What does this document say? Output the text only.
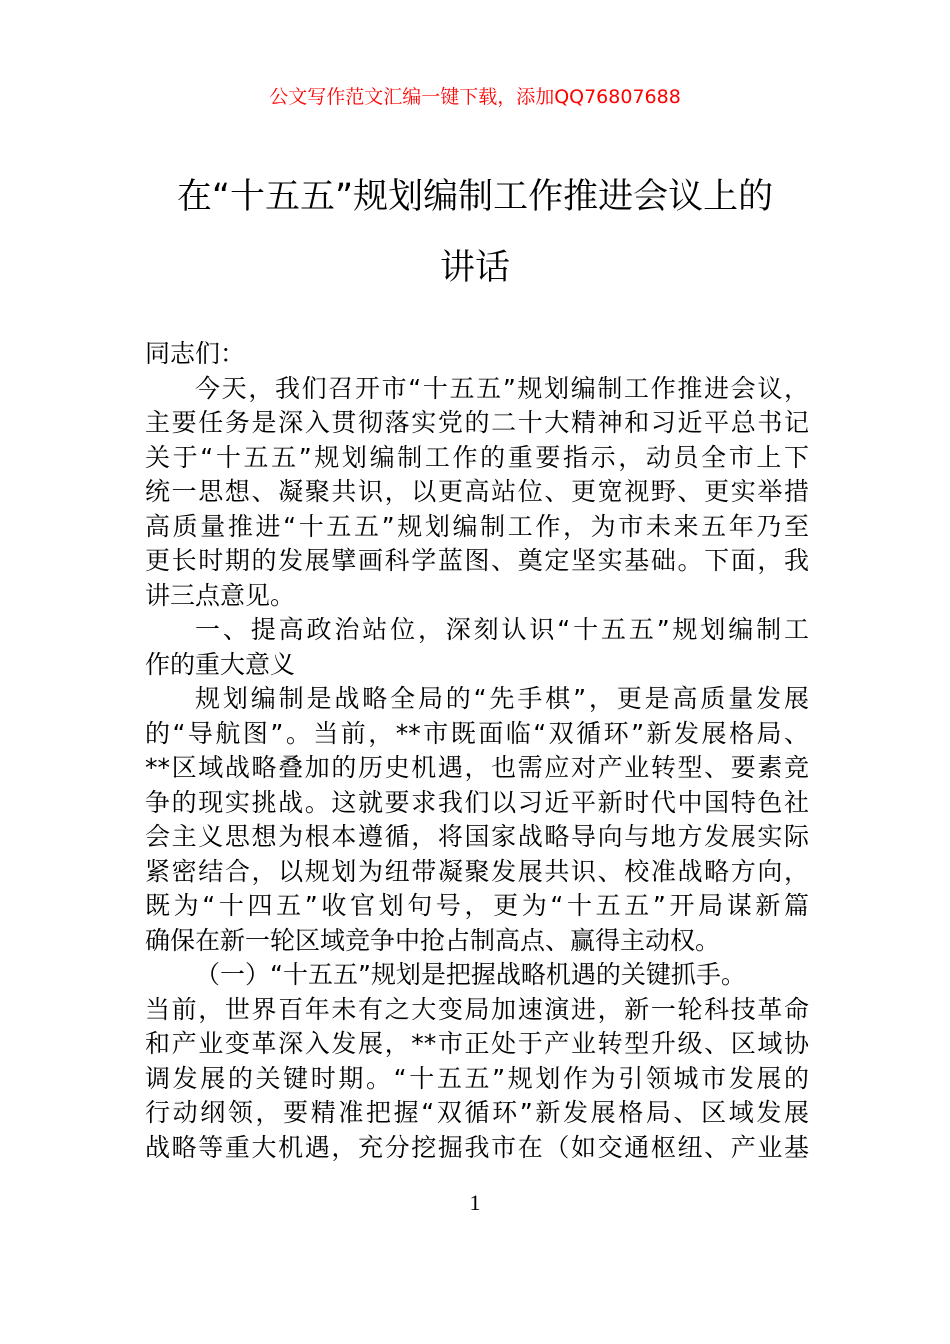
公文写作范文汇编一键下载，添加QQ76807688
在“十五五”规划编制工作推进会议上的
讲话
同志们：
今天，我们召开市“十五五”规划编制工作推进会议，
主要任务是深入贯彻落实党的二十大精神和习近平总书记
关于“十五五”规划编制工作的重要指示，动员全市上下
统一思想、凝聚共识，以更高站位、更宽视野、更实举措
高质量推进“十五五”规划编制工作，为市未来五年乃至
更长时期的发展擘画科学蓝图、奠定坚实基础。下面，我
讲三点意见。
一、提高政治站位，深刻认识“十五五”规划编制工
作的重大意义
规划编制是战略全局的“先手棋”，更是高质量发展
的“导航图”。当前，**市既面临“双循环”新发展格局、
**区域战略叠加的历史机遇，也需应对产业转型、要素竞
争的现实挑战。这就要求我们以习近平新时代中国特色社
会主义思想为根本遵循，将国家战略导向与地方发展实际
紧密结合，以规划为纽带凝聚发展共识、校准战略方向，
既为“十四五”收官划句号，更为“十五五”开局谋新篇
确保在新一轮区域竞争中抢占制高点、赢得主动权。
（一）“十五五”规划是把握战略机遇的关键抓手。
当前，世界百年未有之大变局加速演进，新一轮科技革命
和产业变革深入发展，**市正处于产业转型升级、区域协
调发展的关键时期。“十五五”规划作为引领城市发展的
行动纲领，要精准把握“双循环”新发展格局、区域发展
战略等重大机遇，充分挖掘我市在（如交通枢纽、产业基
1
